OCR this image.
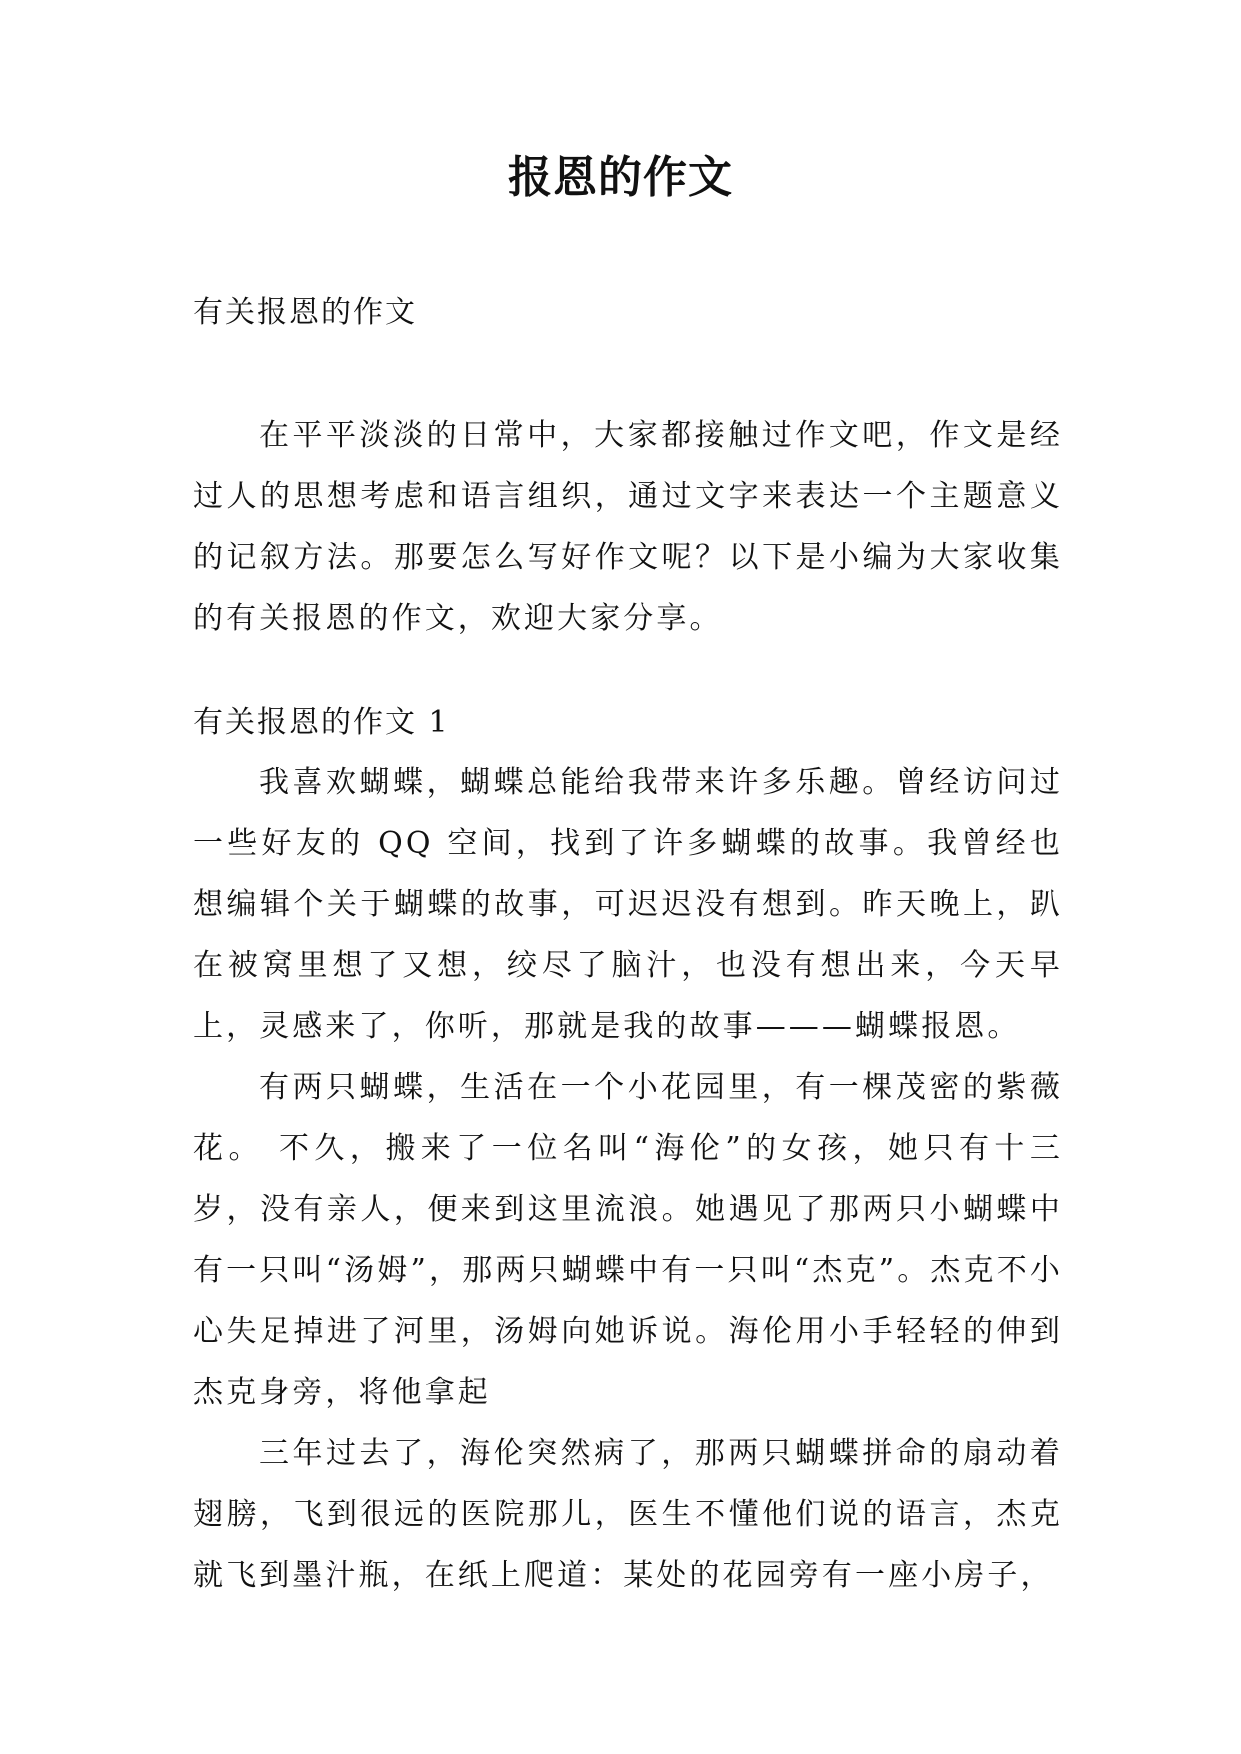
报恩的作文
有关报恩的作文

在平平淡淡的日常中，大家都接触过作文吧，作文是经过人的思想考虑和语言组织，通过文字来表达一个主题意义的记叙方法。那要怎么写好作文呢？以下是小编为大家收集的有关报恩的作文，欢迎大家分享。

有关报恩的作文 1

我喜欢蝴蝶，蝴蝶总能给我带来许多乐趣。曾经访问过一些好友的 QQ 空间，找到了许多蝴蝶的故事。我曾经也想编辑个关于蝴蝶的故事，可迟迟没有想到。昨天晚上，趴在被窝里想了又想，绞尽了脑汁，也没有想出来，今天早上，灵感来了，你听，那就是我的故事———蝴蝶报恩。

有两只蝴蝶，生活在一个小花园里，有一棵茂密的紫薇花。 不久，搬来了一位名叫“海伦”的女孩，她只有十三岁，没有亲人，便来到这里流浪。她遇见了那两只小蝴蝶中有一只叫“汤姆”，那两只蝴蝶中有一只叫“杰克”。杰克不小心失足掉进了河里，汤姆向她诉说。海伦用小手轻轻的伸到杰克身旁，将他拿起

三年过去了，海伦突然病了，那两只蝴蝶拼命的扇动着翅膀，飞到很远的医院那儿，医生不懂他们说的语言，杰克就飞到墨汁瓶，在纸上爬道：某处的花园旁有一座小房子，
